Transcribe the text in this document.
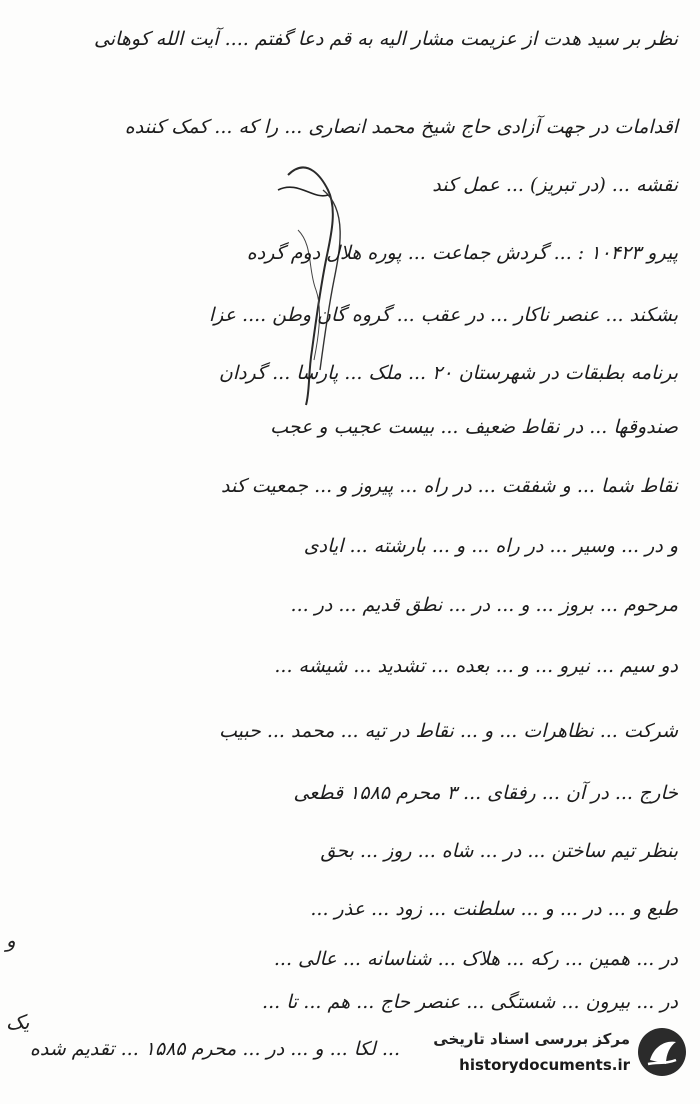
نظر بر سید هدت از عزیمت مشار الیه به قم دعا گفتم .... آیت الله کوهانی
اقدامات در جهت آزادی حاج شیخ محمد انصاری ... را که ... کمک کننده
نقشه ... (در تبریز) ... عمل کند
پیرو ۱۰۴۲۳ : ... گردش جماعت ... پوره هلال دوم گرده
بشکند ... عنصر ناکار ... در عقب ... گروه گان وطن .... عزا
برنامه بطبقات در شهرستان ۲۰ ... ملک ... پارسا ... گردان
صندوقها ... در نقاط ضعیف ... بیست عجیب و عجب
نقاط شما ... و شفقت ... در راه ... پیروز و ... جمعیت کند
و در ... وسیر ... در راه ... و ... بارشته ... ایادی
مرحوم ... بروز ... و ... در ... نطق قدیم ... در ...
دو سیم ... نیرو ... و ... بعده ... تشدید ... شیشه ...
شرکت ... نظاهرات ... و ... نقاط در تیه ... محمد ... حبیب
خارج ... در آن ... رفقای ... ۳ محرم ۱۵۸۵ قطعی
بنظر تیم ساختن ... در ... شاه ... روز ... بحق
طبع و ... در ... و ... سلطنت ... زود ... عذر ...
در ... همین ... رکه ... هلاک ... شناسانه ... عالی ...
در ... بیرون ... شستگی ... عنصر حاج ... هم ... تا ...
... لکا ... و ... در ... محرم ۱۵۸۵ ... تقدیم شده
یک
و
مرکز بررسی اسناد تاریخی
historydocuments.ir
